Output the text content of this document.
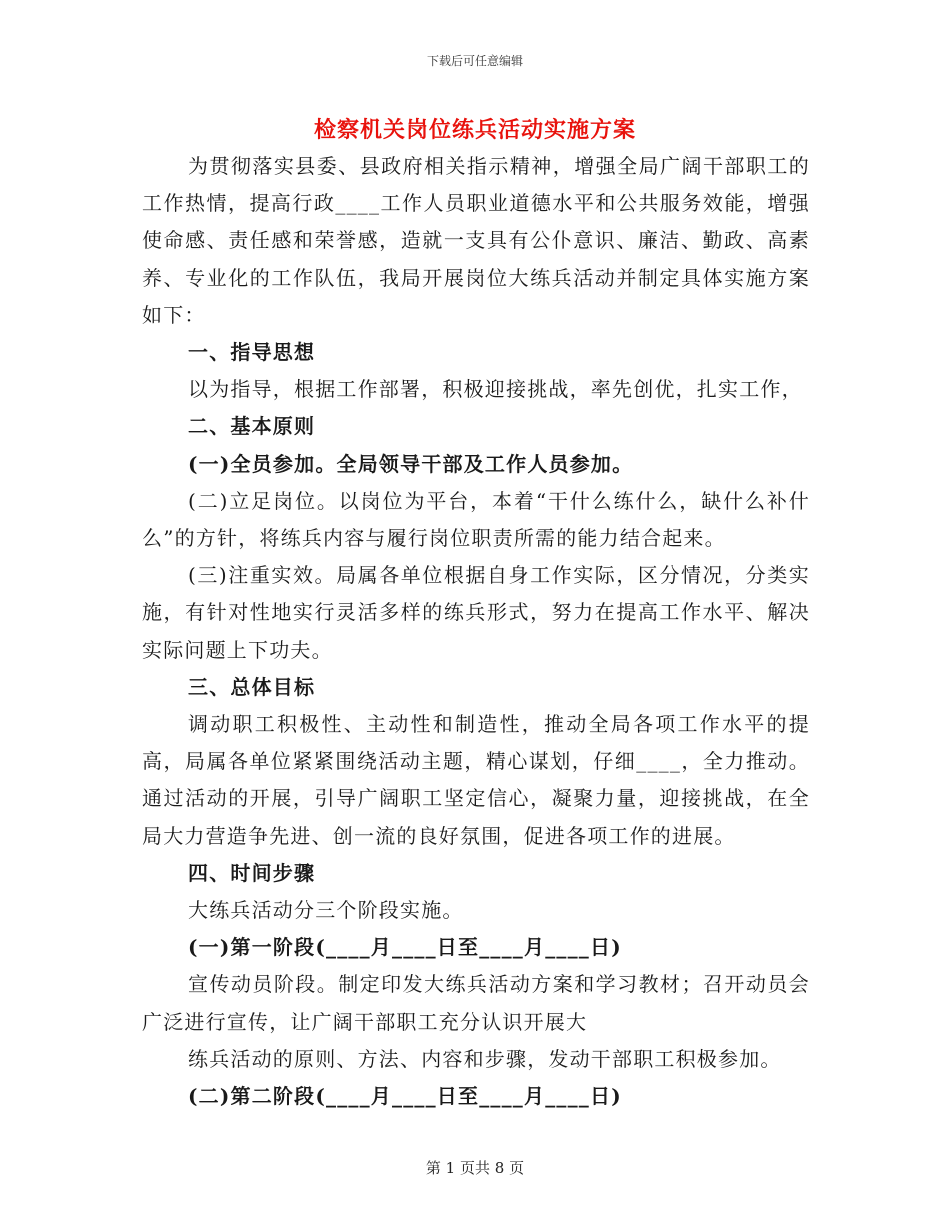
下载后可任意编辑
检察机关岗位练兵活动实施方案

为贯彻落实县委、县政府相关指示精神，增强全局广阔干部职工的工作热情，提高行政____工作人员职业道德水平和公共服务效能，增强使命感、责任感和荣誉感，造就一支具有公仆意识、廉洁、勤政、高素养、专业化的工作队伍，我局开展岗位大练兵活动并制定具体实施方案如下：

一、指导思想

以为指导，根据工作部署，积极迎接挑战，率先创优，扎实工作，

二、基本原则

(一)全员参加。全局领导干部及工作人员参加。

(二)立足岗位。以岗位为平台，本着“干什么练什么，缺什么补什么”的方针，将练兵内容与履行岗位职责所需的能力结合起来。

(三)注重实效。局属各单位根据自身工作实际，区分情况，分类实施，有针对性地实行灵活多样的练兵形式，努力在提高工作水平、解决实际问题上下功夫。

三、总体目标

调动职工积极性、主动性和制造性，推动全局各项工作水平的提高，局属各单位紧紧围绕活动主题，精心谋划，仔细____，全力推动。通过活动的开展，引导广阔职工坚定信心，凝聚力量，迎接挑战，在全局大力营造争先进、创一流的良好氛围，促进各项工作的进展。

四、时间步骤

大练兵活动分三个阶段实施。

(一)第一阶段(____月____日至____月____日)

宣传动员阶段。制定印发大练兵活动方案和学习教材；召开动员会广泛进行宣传，让广阔干部职工充分认识开展大

练兵活动的原则、方法、内容和步骤，发动干部职工积极参加。

(二)第二阶段(____月____日至____月____日)

第 1 页共 8 页
